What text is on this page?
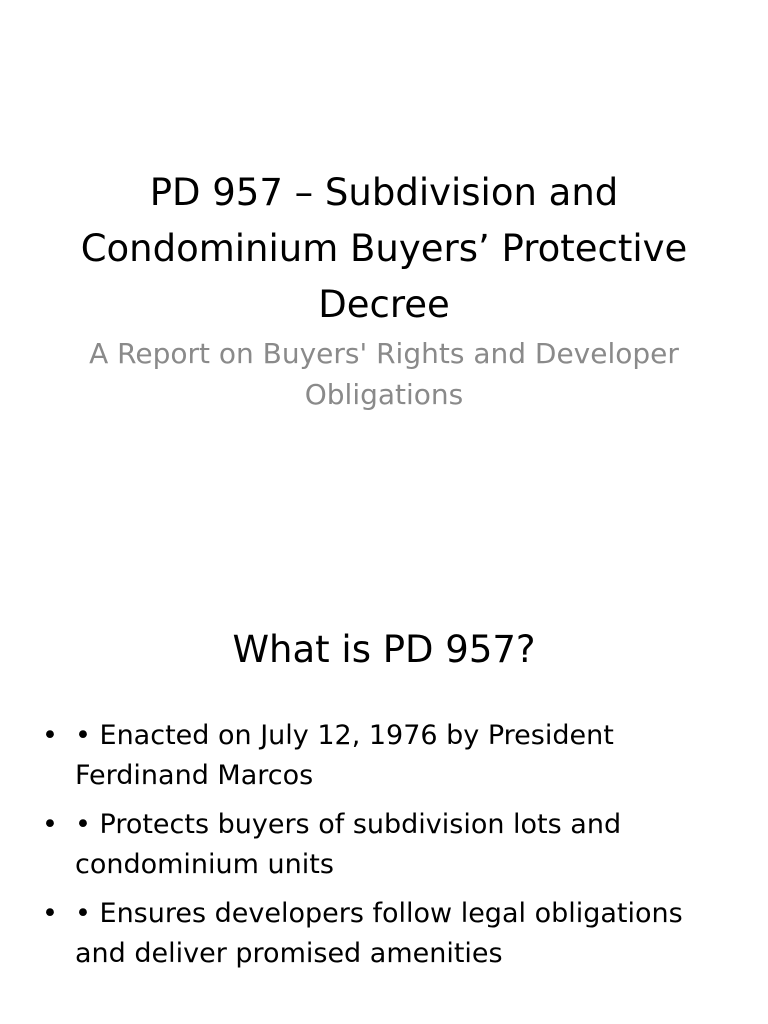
PD 957 – Subdivision and Condominium Buyers’ Protective Decree

A Report on Buyers' Rights and Developer Obligations

What is PD 957?
• • Enacted on July 12, 1976 by President Ferdinand Marcos
• • Protects buyers of subdivision lots and condominium units
• • Ensures developers follow legal obligations and deliver promised amenities
